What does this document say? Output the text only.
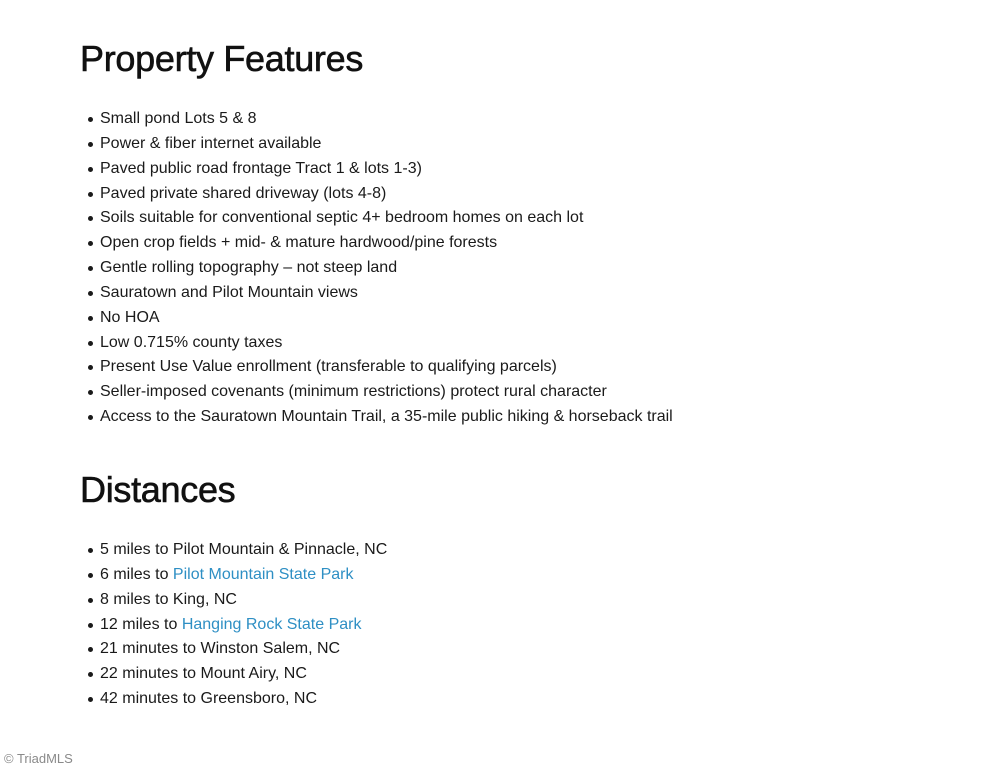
Property Features
Small pond Lots 5 & 8
Power & fiber internet available
Paved public road frontage Tract 1 & lots 1-3)
Paved private shared driveway (lots 4-8)
Soils suitable for conventional septic 4+ bedroom homes on each lot
Open crop fields + mid- & mature hardwood/pine forests
Gentle rolling topography – not steep land
Sauratown and Pilot Mountain views
No HOA
Low 0.715% county taxes
Present Use Value enrollment (transferable to qualifying parcels)
Seller-imposed covenants (minimum restrictions) protect rural character
Access to the Sauratown Mountain Trail, a 35-mile public hiking & horseback trail
Distances
5 miles to Pilot Mountain & Pinnacle, NC
6 miles to Pilot Mountain State Park
8 miles to King, NC
12 miles to Hanging Rock State Park
21 minutes to Winston Salem, NC
22 minutes to Mount Airy, NC
42 minutes to Greensboro, NC
© TriadMLS
